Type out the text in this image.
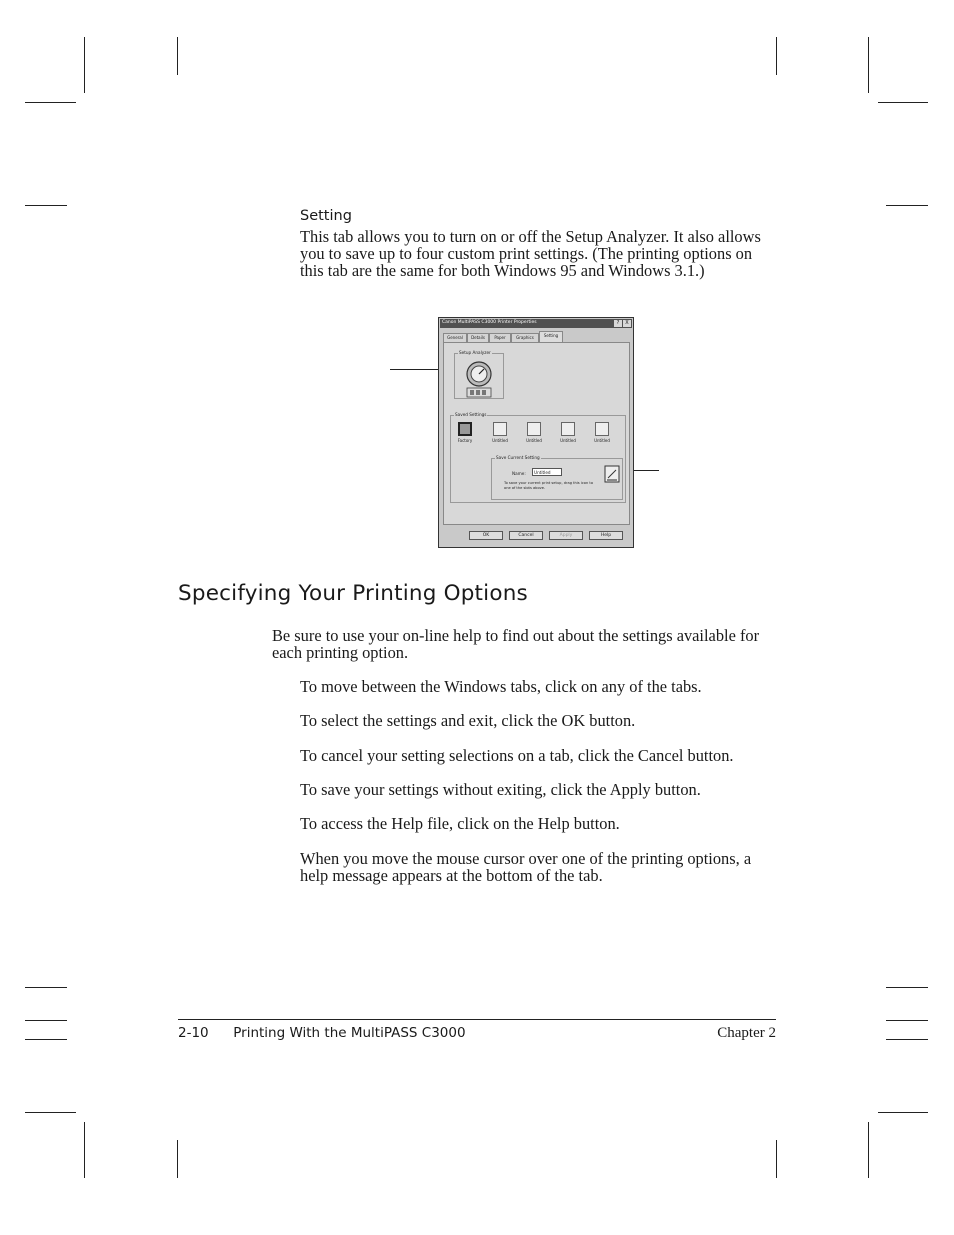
Setting

This tab allows you to turn on or off the Setup Analyzer. It also allows you to save up to four custom print settings. (The printing options on this tab are the same for both Windows 95 and Windows 3.1.)

Canon MultiPASS C3000 Printer Properties	?	X
General	Details	Paper	Graphics	Setting
Setup Analyzer
Saved Settings
Factory	Untitled	Untitled	Untitled	Untitled
Save Current Setting
Name:	Untitled
To save your current print setup, drag this icon to one of the slots above.
OK	Cancel	Apply	Help
Specifying Your Printing Options

Be sure to use your on-line help to find out about the settings available for each printing option.

To move between the Windows tabs, click on any of the tabs.

To select the settings and exit, click the OK button.

To cancel your setting selections on a tab, click the Cancel button.

To save your settings without exiting, click the Apply button.

To access the Help file, click on the Help button.

When you move the mouse cursor over one of the printing options, a help message appears at the bottom of the tab.

2-10 Printing With the MultiPASS C3000	Chapter 2
